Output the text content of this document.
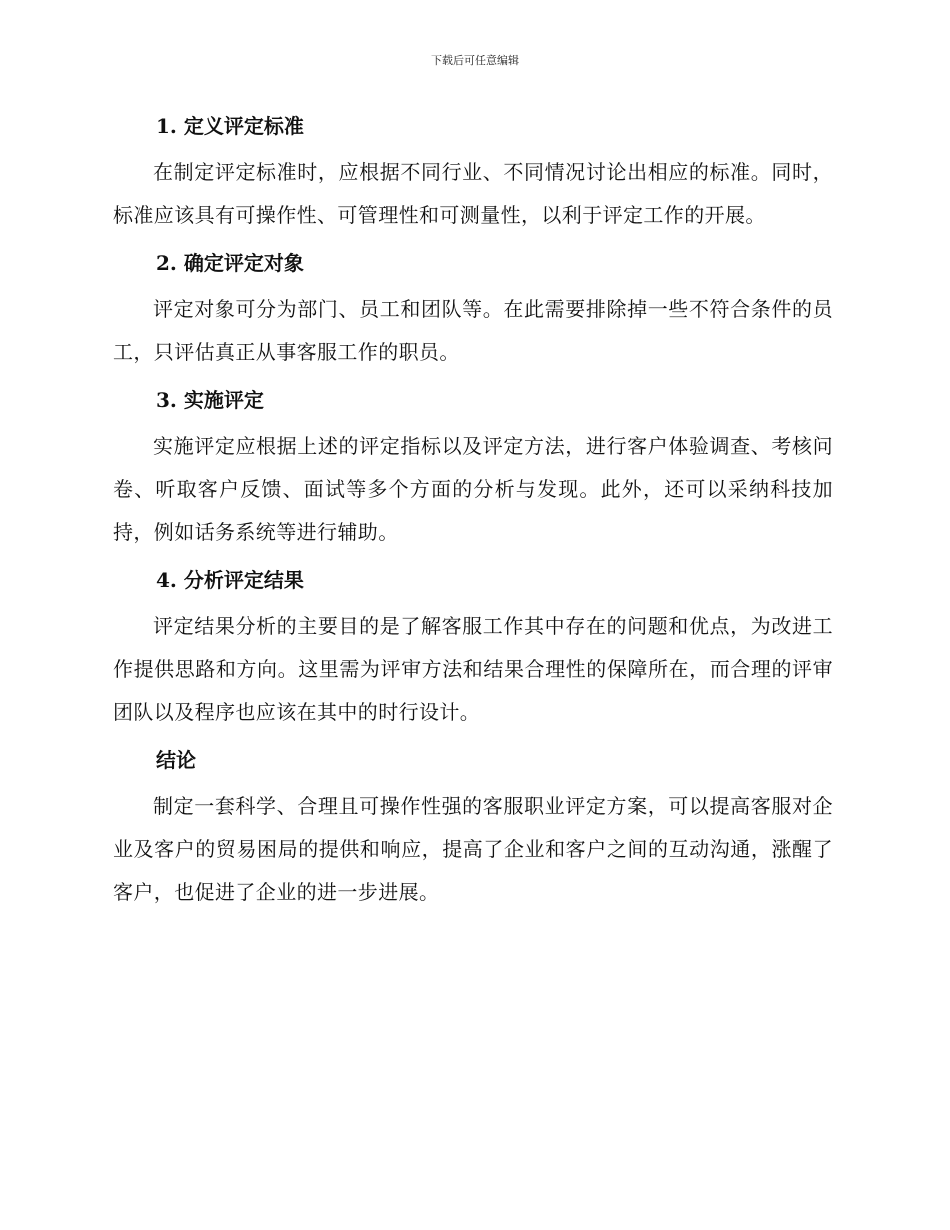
下载后可任意编辑
1. 定义评定标准

在制定评定标准时，应根据不同行业、不同情况讨论出相应的标准。同时，标准应该具有可操作性、可管理性和可测量性，以利于评定工作的开展。

2. 确定评定对象

评定对象可分为部门、员工和团队等。在此需要排除掉一些不符合条件的员工，只评估真正从事客服工作的职员。

3. 实施评定

实施评定应根据上述的评定指标以及评定方法，进行客户体验调查、考核问卷、听取客户反馈、面试等多个方面的分析与发现。此外，还可以采纳科技加持，例如话务系统等进行辅助。

4. 分析评定结果

评定结果分析的主要目的是了解客服工作其中存在的问题和优点，为改进工作提供思路和方向。这里需为评审方法和结果合理性的保障所在，而合理的评审团队以及程序也应该在其中的时行设计。

结论

制定一套科学、合理且可操作性强的客服职业评定方案，可以提高客服对企业及客户的贸易困局的提供和响应，提高了企业和客户之间的互动沟通，涨醒了客户，也促进了企业的进一步进展。
